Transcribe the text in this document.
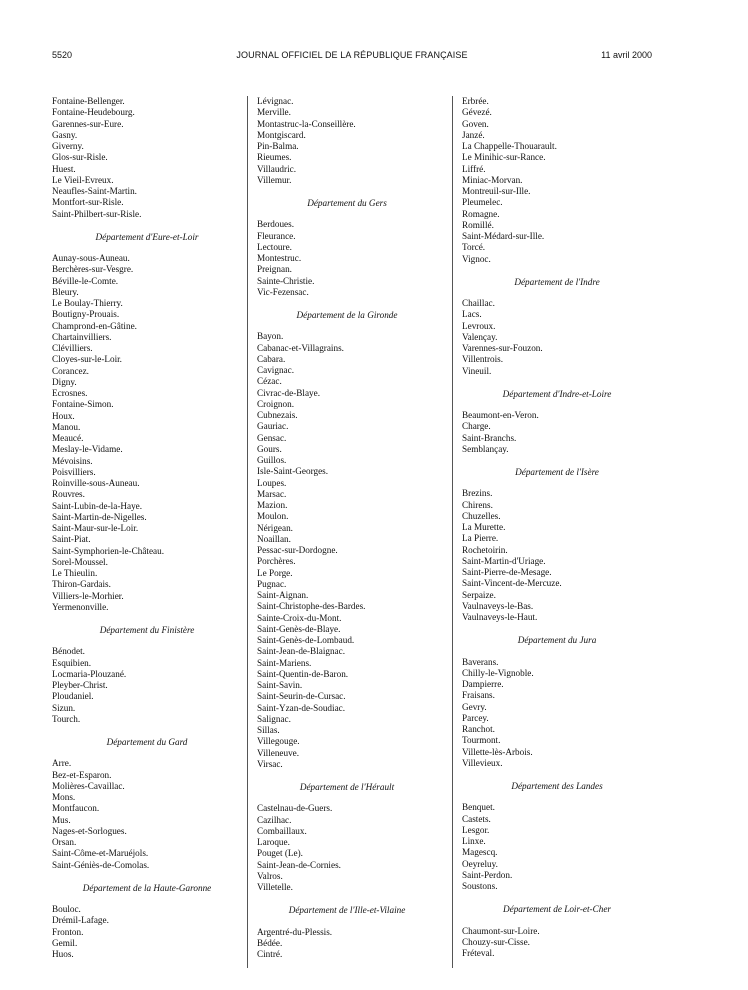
5520	JOURNAL OFFICIEL DE LA RÉPUBLIQUE FRANÇAISE	11 avril 2000
Fontaine-Bellenger.
Fontaine-Heudebourg.
Garennes-sur-Eure.
Gasny.
Giverny.
Glos-sur-Risle.
Huest.
Le Vieil-Evreux.
Neaufles-Saint-Martin.
Montfort-sur-Risle.
Saint-Philbert-sur-Risle.
Département d'Eure-et-Loir
Aunay-sous-Auneau.
Berchères-sur-Vesgre.
Béville-le-Comte.
Bleury.
Le Boulay-Thierry.
Boutigny-Prouais.
Champrond-en-Gâtine.
Chartainvilliers.
Clévilliers.
Cloyes-sur-le-Loir.
Corancez.
Digny.
Ecrosnes.
Fontaine-Simon.
Houx.
Manou.
Meaucé.
Meslay-le-Vidame.
Mévoisins.
Poisvilliers.
Roinville-sous-Auneau.
Rouvres.
Saint-Lubin-de-la-Haye.
Saint-Martin-de-Nigelles.
Saint-Maur-sur-le-Loir.
Saint-Piat.
Saint-Symphorien-le-Château.
Sorel-Moussel.
Le Thieulin.
Thiron-Gardais.
Villiers-le-Morhier.
Yermenonville.
Département du Finistère
Bénodet.
Esquibien.
Locmaria-Plouzané.
Pleyber-Christ.
Ploudaniel.
Sizun.
Tourch.
Département du Gard
Arre.
Bez-et-Esparon.
Molières-Cavaillac.
Mons.
Montfaucon.
Mus.
Nages-et-Sorlogues.
Orsan.
Saint-Côme-et-Maruéjols.
Saint-Géniès-de-Comolas.
Département de la Haute-Garonne
Bouloc.
Drémil-Lafage.
Fronton.
Gemil.
Huos.
Lévignac.
Merville.
Montastruc-la-Conseillère.
Montgiscard.
Pin-Balma.
Rieumes.
Villaudric.
Villemur.
Département du Gers
Berdoues.
Fleurance.
Lectoure.
Montestruc.
Preignan.
Sainte-Christie.
Vic-Fezensac.
Département de la Gironde
Bayon.
Cabanac-et-Villagrains.
Cabara.
Cavignac.
Cézac.
Civrac-de-Blaye.
Croignon.
Cubnezais.
Gauriac.
Gensac.
Gours.
Guillos.
Isle-Saint-Georges.
Loupes.
Marsac.
Mazion.
Moulon.
Nérigean.
Noaillan.
Pessac-sur-Dordogne.
Porchères.
Le Porge.
Pugnac.
Saint-Aignan.
Saint-Christophe-des-Bardes.
Sainte-Croix-du-Mont.
Saint-Genès-de-Blaye.
Saint-Genès-de-Lombaud.
Saint-Jean-de-Blaignac.
Saint-Mariens.
Saint-Quentin-de-Baron.
Saint-Savin.
Saint-Seurin-de-Cursac.
Saint-Yzan-de-Soudiac.
Salignac.
Sillas.
Villegouge.
Villeneuve.
Virsac.
Département de l'Hérault
Castelnau-de-Guers.
Cazilhac.
Combaillaux.
Laroque.
Pouget (Le).
Saint-Jean-de-Cornies.
Valros.
Villetelle.
Département de l'Ille-et-Vilaine
Argentré-du-Plessis.
Bédée.
Cintré.
Erbrée.
Gévezé.
Goven.
Janzé.
La Chappelle-Thouarault.
Le Minihic-sur-Rance.
Liffré.
Miniac-Morvan.
Montreuil-sur-Ille.
Pleumelec.
Romagne.
Romillé.
Saint-Médard-sur-Ille.
Torcé.
Vignoc.
Département de l'Indre
Chaillac.
Lacs.
Levroux.
Valençay.
Varennes-sur-Fouzon.
Villentrois.
Vineuil.
Département d'Indre-et-Loire
Beaumont-en-Veron.
Charge.
Saint-Branchs.
Semblançay.
Département de l'Isère
Brezins.
Chirens.
Chuzelles.
La Murette.
La Pierre.
Rochetoirin.
Saint-Martin-d'Uriage.
Saint-Pierre-de-Mesage.
Saint-Vincent-de-Mercuze.
Serpaize.
Vaulnaveys-le-Bas.
Vaulnaveys-le-Haut.
Département du Jura
Baverans.
Chilly-le-Vignoble.
Dampierre.
Fraisans.
Gevry.
Parcey.
Ranchot.
Tourmont.
Villette-lès-Arbois.
Villevieux.
Département des Landes
Benquet.
Castets.
Lesgor.
Linxe.
Magescq.
Oeyreluy.
Saint-Perdon.
Soustons.
Département de Loir-et-Cher
Chaumont-sur-Loire.
Chouzy-sur-Cisse.
Fréteval.
